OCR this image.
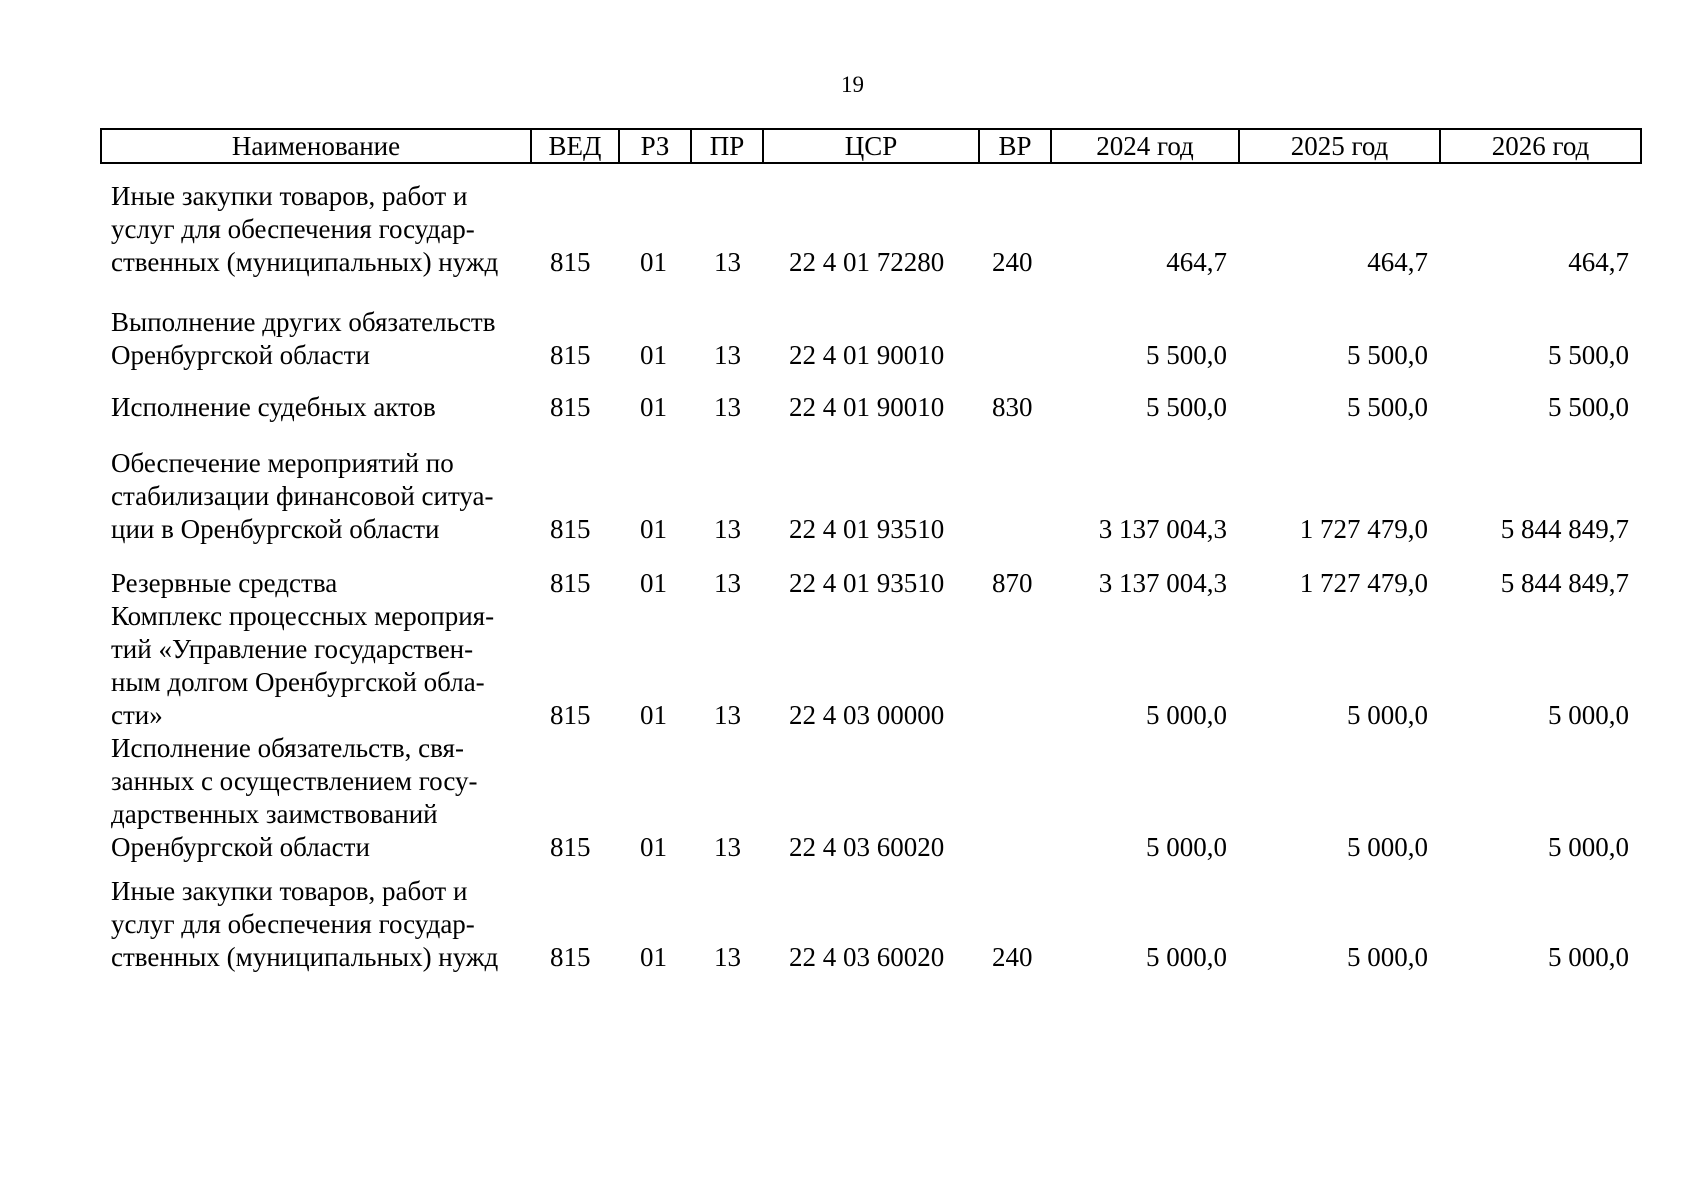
19
Наименование	ВЕД	РЗ	ПР	ЦСР	ВР	2024 год	2025 год	2026 год
Иные закупки товаров, работ и
услуг для обеспечения государ-
ственных (муниципальных) нужд	815	01	13	22 4 01 72280	240	464,7	464,7	464,7

Выполнение других обязательств
Оренбургской области	815	01	13	22 4 01 90010		5 500,0	5 500,0	5 500,0

Исполнение судебных актов	815	01	13	22 4 01 90010	830	5 500,0	5 500,0	5 500,0

Обеспечение мероприятий по
стабилизации финансовой ситуа-
ции в Оренбургской области	815	01	13	22 4 01 93510		3 137 004,3	1 727 479,0	5 844 849,7

Резервные средства	815	01	13	22 4 01 93510	870	3 137 004,3	1 727 479,0	5 844 849,7

Комплекс процессных мероприя-
тий «Управление государствен-
ным долгом Оренбургской обла-
сти»	815	01	13	22 4 03 00000		5 000,0	5 000,0	5 000,0

Исполнение обязательств, свя-
занных с осуществлением госу-
дарственных заимствований
Оренбургской области	815	01	13	22 4 03 60020		5 000,0	5 000,0	5 000,0

Иные закупки товаров, работ и
услуг для обеспечения государ-
ственных (муниципальных) нужд	815	01	13	22 4 03 60020	240	5 000,0	5 000,0	5 000,0
